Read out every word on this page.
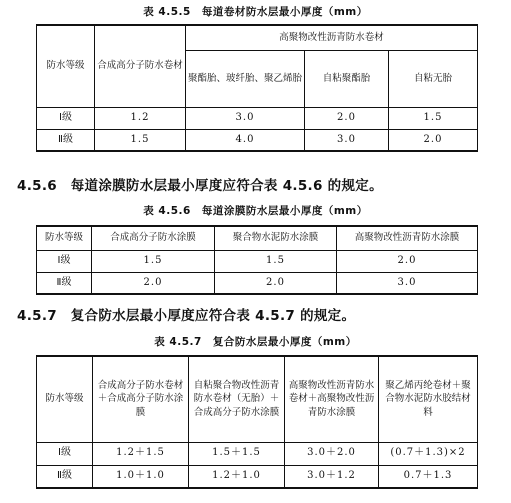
表 4.5.5　每道卷材防水层最小厚度（mm）
防水等级	合成高分子防水卷材	高聚物改性沥青防水卷材		
		聚酯胎、玻纤胎、聚乙烯胎	自粘聚酯胎	自粘无胎
Ⅰ级	1.2	3.0	2.0	1.5
Ⅱ级	1.5	4.0	3.0	2.0
4.5.6　每道涂膜防水层最小厚度应符合表 4.5.6 的规定。
表 4.5.6　每道涂膜防水层最小厚度（mm）
防水等级	合成高分子防水涂膜	聚合物水泥防水涂膜	高聚物改性沥青防水涂膜
Ⅰ级	1.5	1.5	2.0
Ⅱ级	2.0	2.0	3.0
4.5.7　复合防水层最小厚度应符合表 4.5.7 的规定。
表 4.5.7　复合防水层最小厚度（mm）
防水等级	合成高分子防水卷材＋合成高分子防水涂膜	自粘聚合物改性沥青防水卷材（无胎）＋合成高分子防水涂膜	高聚物改性沥青防水卷材＋高聚物改性沥青防水涂膜	聚乙烯丙纶卷材＋聚合物水泥防水胶结材料
Ⅰ级	1.2＋1.5	1.5＋1.5	3.0＋2.0	(0.7＋1.3)×2
Ⅱ级	1.0＋1.0	1.2＋1.0	3.0＋1.2	0.7＋1.3
